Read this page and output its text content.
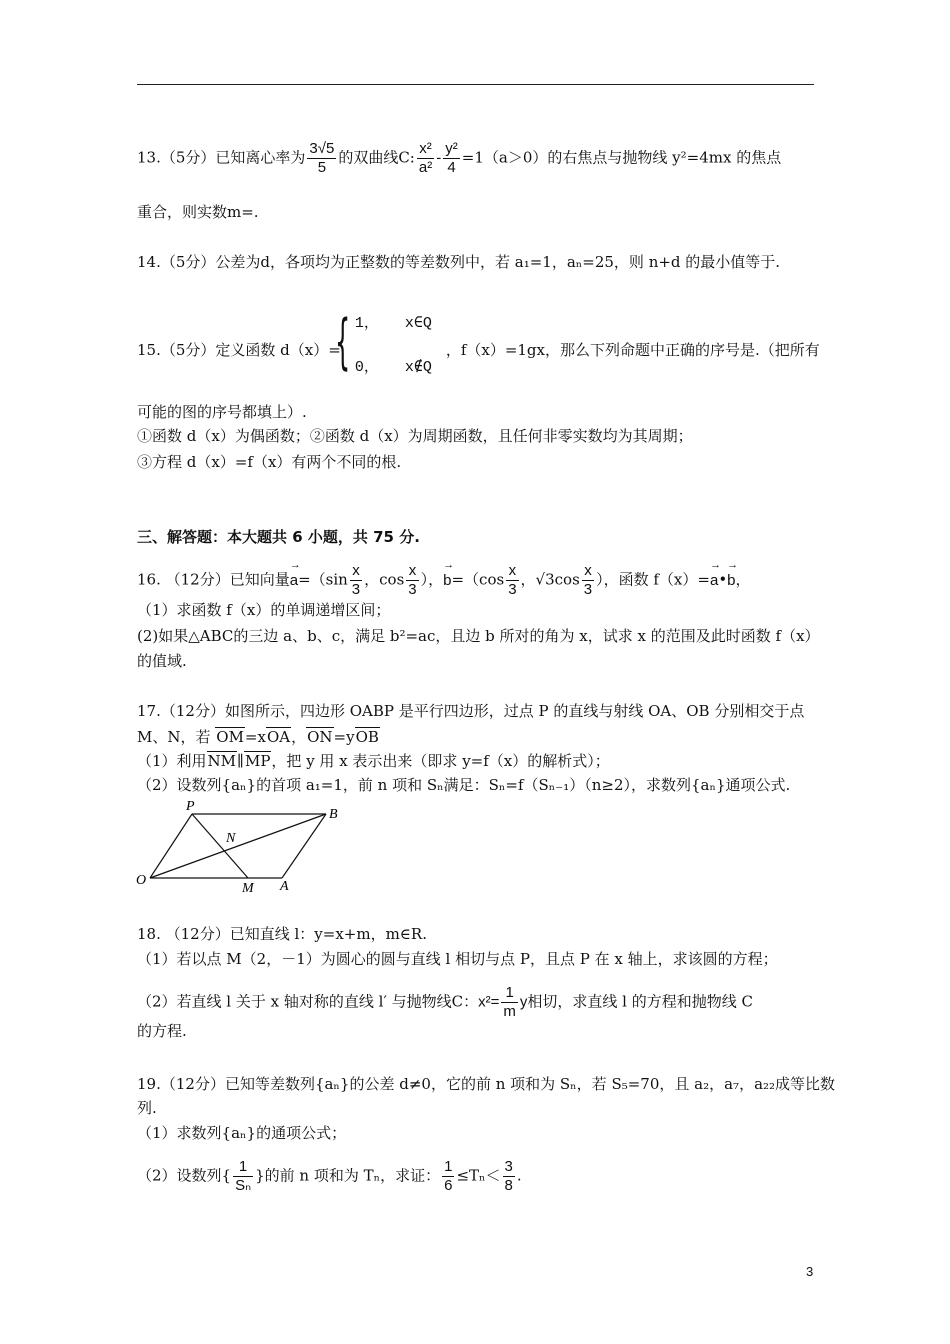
13.（5分）已知离心率为 $\frac{3√5}{5}$ 的双曲线C: $\frac{\text{x²}}{\text{a²}} - \frac{\text{y²}}{4} =1(a>0)$的右焦点与抛物线 y²=4mx 的焦点
重合，则实数m=.
14.（5分）公差为d，各项均为正整数的等差数列中，若 a₁=1，aₙ=25，则 n+d 的最小值等于.
15.（5分）定义函数 d（x）=
{ 1， x∈Q
0， x∉Q
，f（x）=1gx，那么下列命题中正确的序号是.（把所有
可能的图的序号都填上）.
①函数 d（x）为偶函数；②函数 d（x）为周期函数，且任何非零实数均为其周期；
③方程 d（x）=f（x）有两个不同的根.
三、解答题：本大题共 6 小题，共 75 分.
16. （12分）已知向量→ $a=(\sin \frac{x}{3}$ ，$\cos \frac{x}{3}$ ），→ $b=(\cos \frac{x}{3}$ ，$√3\cos \frac{x}{3}$ ），函数 f（x）=→ a•→ b，
（1）求函数 f（x）的单调递增区间；
(2)如果△ABC的三边 a、b、c，满足 b²=ac，且边 b 所对的角为 x，试求 x 的范围及此时函数 f（x）
的值域.
17.（12分）如图所示，四边形 OABP 是平行四边形，过点 P 的直线与射线 OA、OB 分别相交于点
M、N，若 OM=xOA，ON=yOB
（1）利用NM∥MP，把 y 用 x 表示出来（即求 y=f（x）的解析式）；
（2）设数列{aₙ}的首项 a₁=1，前 n 项和 Sₙ满足：Sₙ=f（Sₙ₋₁）（n≥2），求数列{aₙ}通项公式.
P
B
N
O
M A
18. （12分）已知直线 l：y=x+m，m∈R.
（1）若以点 M（2，－1）为圆心的圆与直线 l 相切与点 P，且点 P 在 x 轴上，求该圆的方程；
（2）若直线 l 关于 x 轴对称的直线 l′ 与抛物线C：$x^2= \frac{1}{m}$ y相切，求直线 l 的方程和抛物线 C
的方程.
19.（12分）已知等差数列{aₙ}的公差 d≠0，它的前 n 项和为 Sₙ，若 S₅=70，且 a₂，a₇，a₂₂成等比数
列.
（1）求数列{aₙ}的通项公式；
（2）设数列{ $\frac{1}{\text{Sₙ}}$ }的前 n 项和为 Tₙ，求证： $\frac{1}{6} \le T_n< \frac{3}{8}$ .
3
